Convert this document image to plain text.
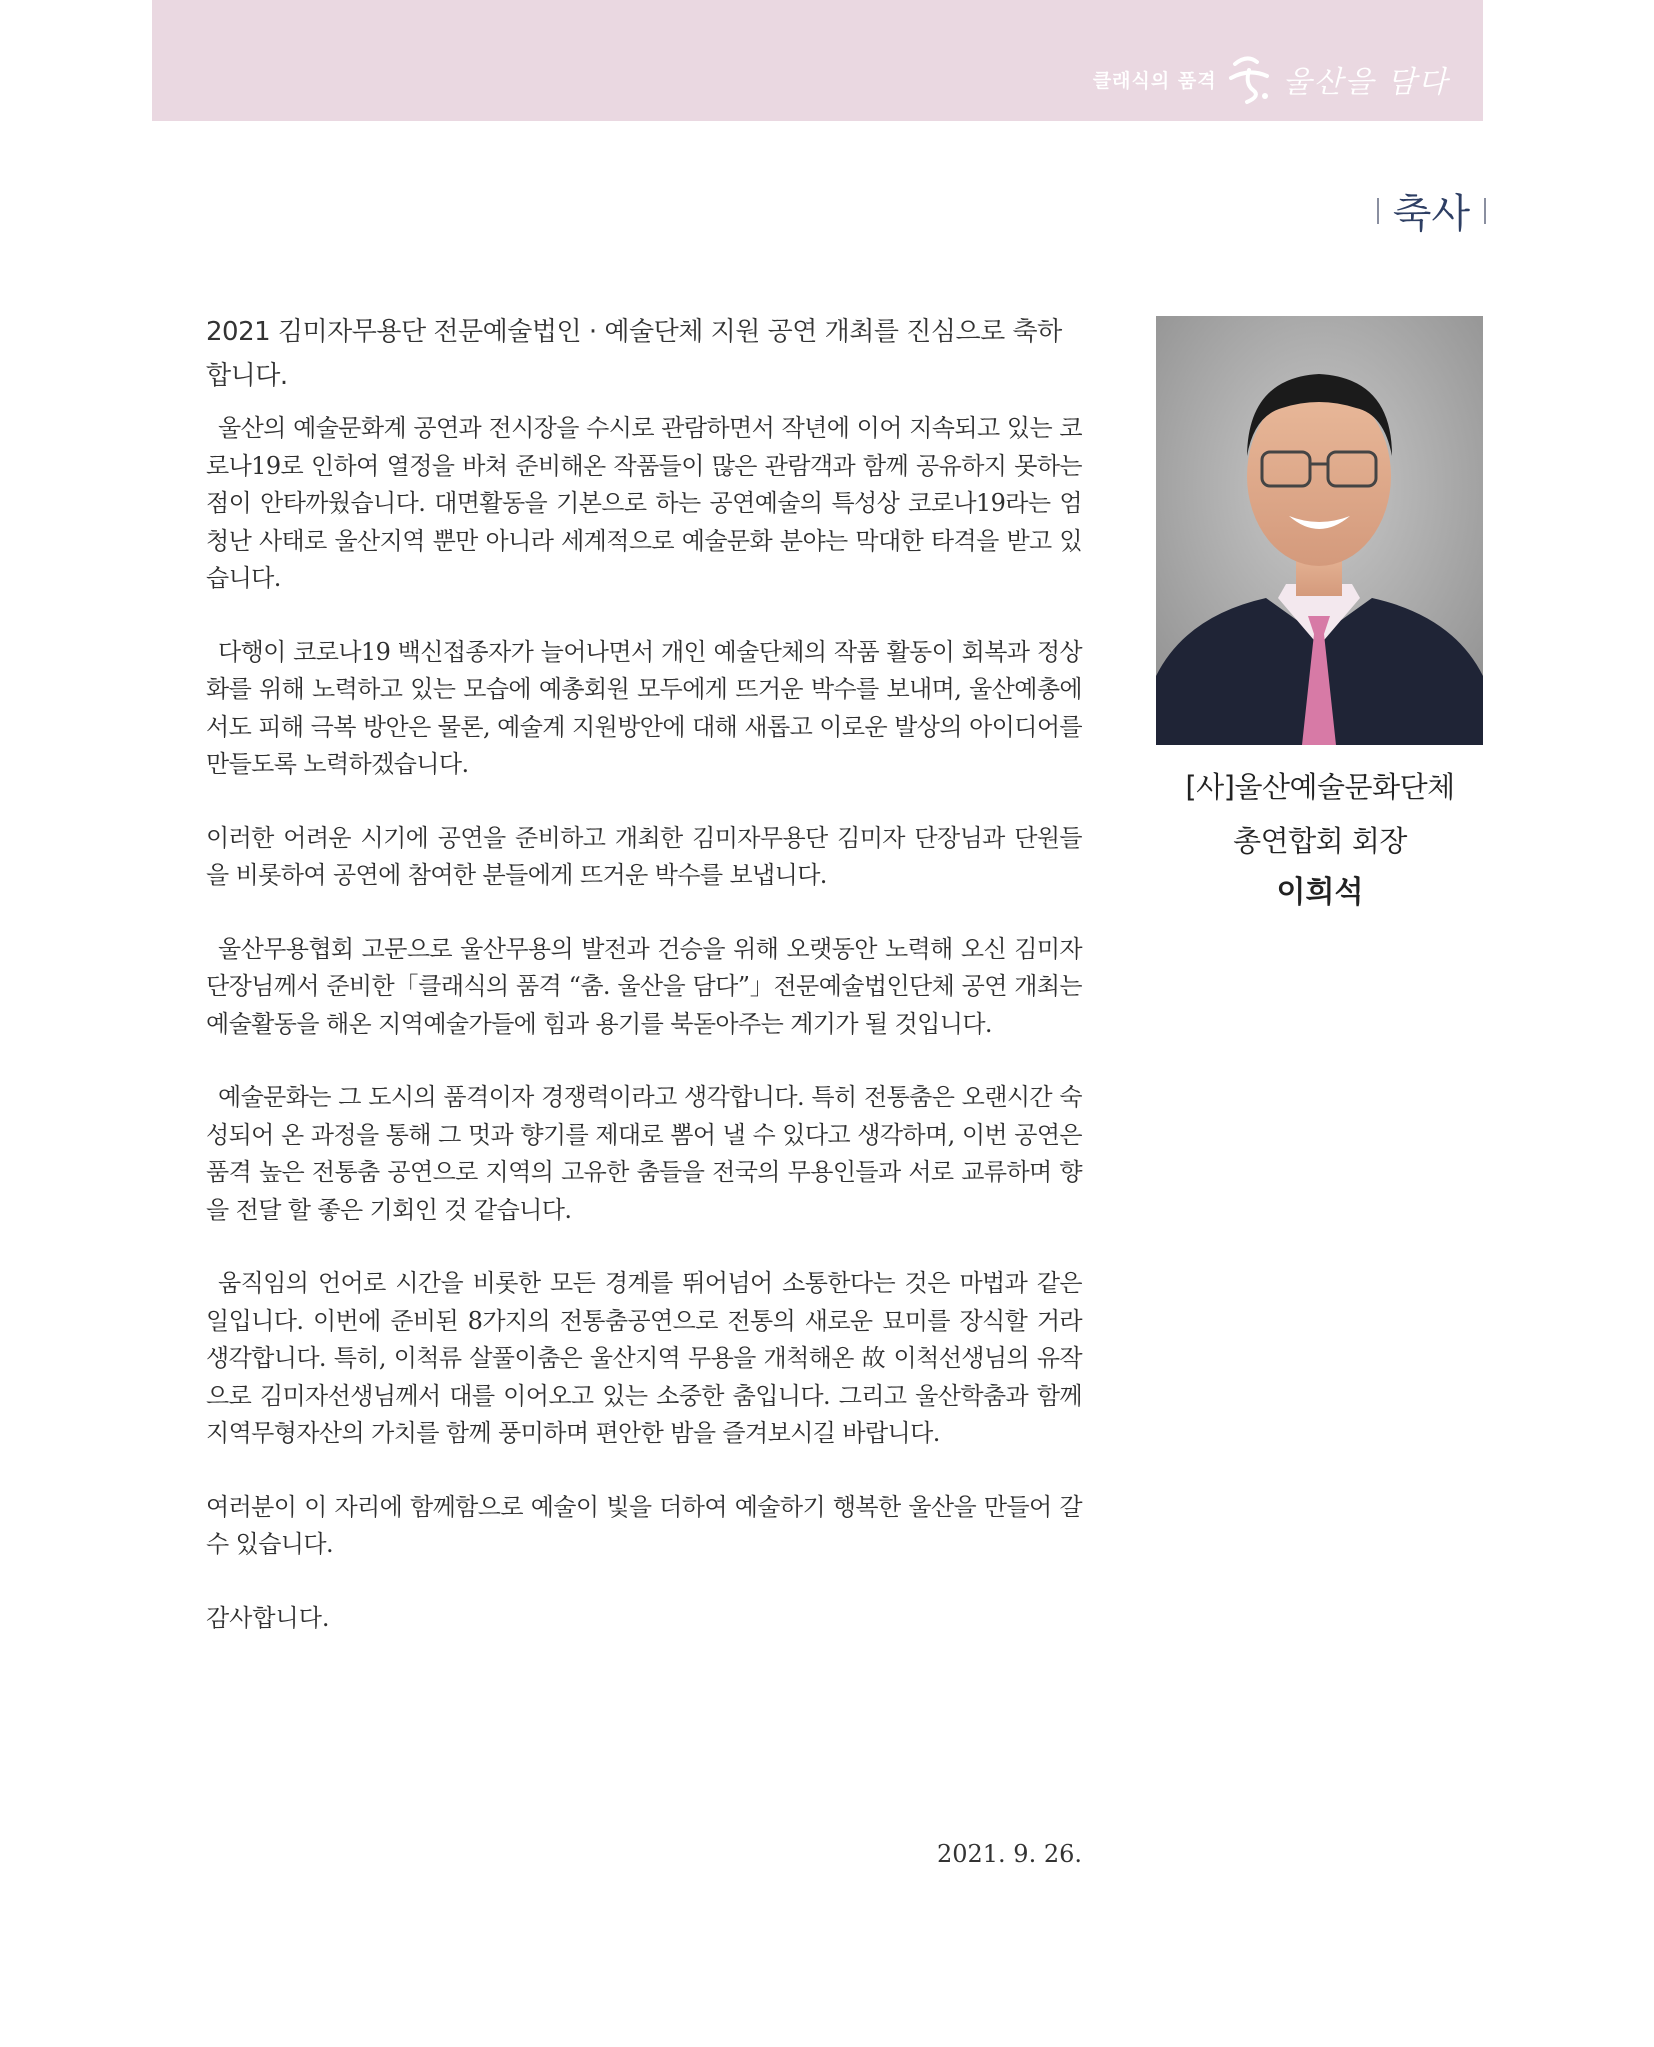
클래식의 품격 울산을 담다
축사

2021 김미자무용단 전문예술법인 · 예술단체 지원 공연 개최를 진심으로 축하합니다.

울산의 예술문화계 공연과 전시장을 수시로 관람하면서 작년에 이어 지속되고 있는 코로나19로 인하여 열정을 바쳐 준비해온 작품들이 많은 관람객과 함께 공유하지 못하는 점이 안타까웠습니다. 대면활동을 기본으로 하는 공연예술의 특성상 코로나19라는 엄청난 사태로 울산지역 뿐만 아니라 세계적으로 예술문화 분야는 막대한 타격을 받고 있습니다.

다행이 코로나19 백신접종자가 늘어나면서 개인 예술단체의 작품 활동이 회복과 정상화를 위해 노력하고 있는 모습에 예총회원 모두에게 뜨거운 박수를 보내며, 울산예총에서도 피해 극복 방안은 물론, 예술계 지원방안에 대해 새롭고 이로운 발상의 아이디어를 만들도록 노력하겠습니다.

이러한 어려운 시기에 공연을 준비하고 개최한 김미자무용단 김미자 단장님과 단원들을 비롯하여 공연에 참여한 분들에게 뜨거운 박수를 보냅니다.

울산무용협회 고문으로 울산무용의 발전과 건승을 위해 오랫동안 노력해 오신 김미자 단장님께서 준비한「클래식의 품격 “춤. 울산을 담다”」전문예술법인단체 공연 개최는 예술활동을 해온 지역예술가들에 힘과 용기를 북돋아주는 계기가 될 것입니다.

예술문화는 그 도시의 품격이자 경쟁력이라고 생각합니다. 특히 전통춤은 오랜시간 숙성되어 온 과정을 통해 그 멋과 향기를 제대로 뽐어 낼 수 있다고 생각하며, 이번 공연은 품격 높은 전통춤 공연으로 지역의 고유한 춤들을 전국의 무용인들과 서로 교류하며 향을 전달 할 좋은 기회인 것 같습니다.

움직임의 언어로 시간을 비롯한 모든 경계를 뛰어넘어 소통한다는 것은 마법과 같은 일입니다. 이번에 준비된 8가지의 전통춤공연으로 전통의 새로운 묘미를 장식할 거라 생각합니다. 특히, 이척류 살풀이춤은 울산지역 무용을 개척해온 故 이척선생님의 유작으로 김미자선생님께서 대를 이어오고 있는 소중한 춤입니다. 그리고 울산학춤과 함께 지역무형자산의 가치를 함께 풍미하며 편안한 밤을 즐겨보시길 바랍니다.

여러분이 이 자리에 함께함으로 예술이 빛을 더하여 예술하기 행복한 울산을 만들어 갈 수 있습니다.

감사합니다.

2021. 9. 26.
[사]울산예술문화단체
총연합회 회장
이희석
